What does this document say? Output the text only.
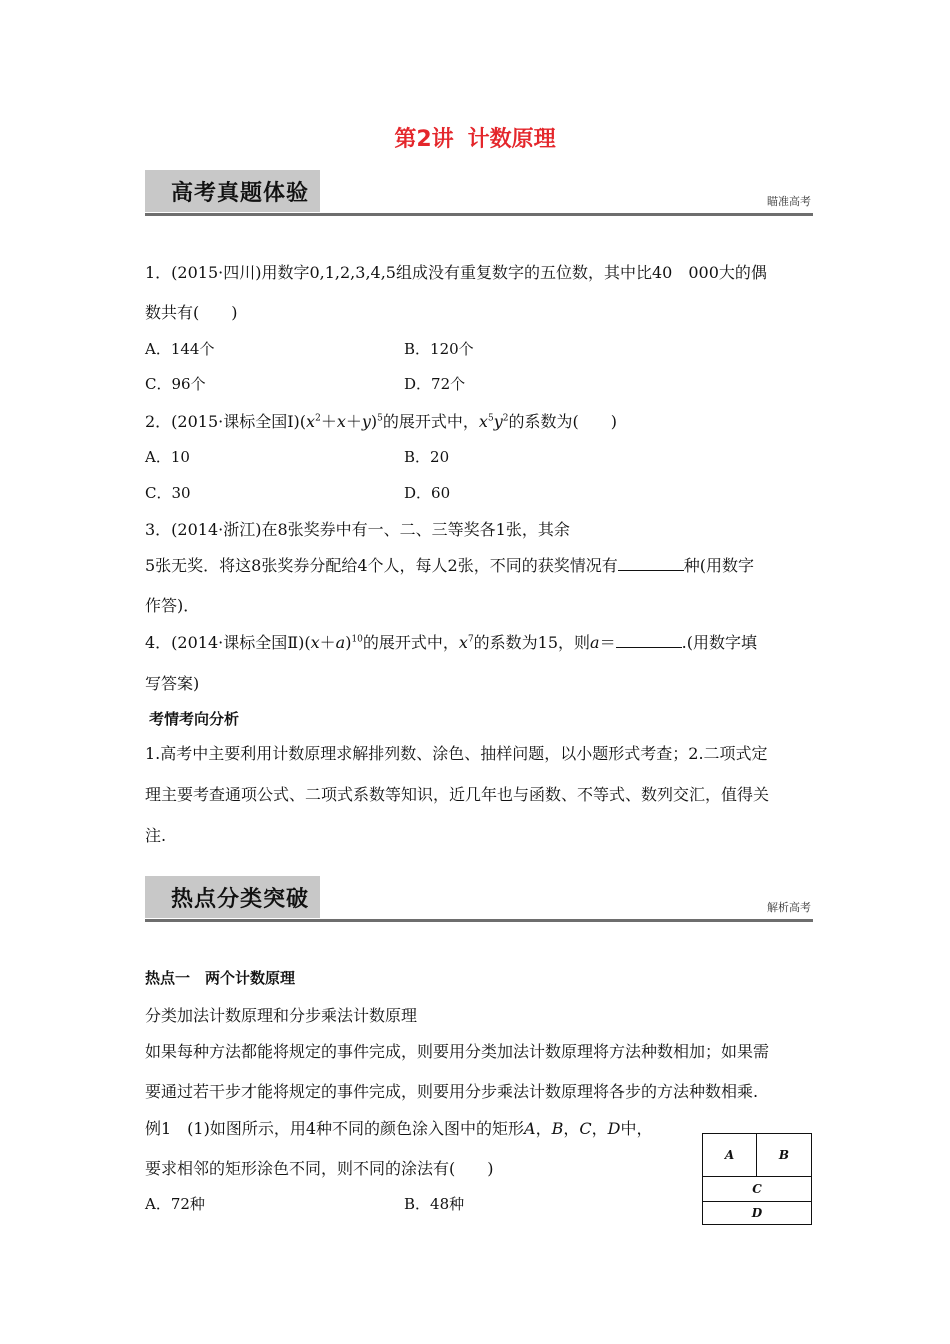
第2讲 计数原理
高考真题体验	瞄准高考
1．(2015·四川)用数字0,1,2,3,4,5组成没有重复数字的五位数，其中比40　000大的偶
数共有(　　)
A．144个	B．120个
C．96个	D．72个
2．(2015·课标全国$Ⅰ)(x^2+x+y)^5$的展开式中，$x^5y^2$的系数为(　　)
A．10	B．20
C．30	D．60
3．(2014·浙江)在8张奖券中有一、二、三等奖各1张，其余
5张无奖．将这8张奖券分配给4个人，每人2张，不同的获奖情况有	种(用数字
作答)．
4．(2014·课标全国$Ⅱ)(x+a)^{10}$的展开式中，$x^7$的系数为15，则a＝	.(用数字填
写答案)
考情考向分析
1.高考中主要利用计数原理求解排列数、涂色、抽样问题，以小题形式考查；2.二项式定
理主要考查通项公式、二项式系数等知识，近几年也与函数、不等式、数列交汇，值得关
注.
热点分类突破	解析高考
热点一　两个计数原理
分类加法计数原理和分步乘法计数原理
如果每种方法都能将规定的事件完成，则要用分类加法计数原理将方法种数相加；如果需
要通过若干步才能将规定的事件完成，则要用分步乘法计数原理将各步的方法种数相乘.
例1　(1)如图所示，用4种不同的颜色涂入图中的矩形A，B，C，D中，
要求相邻的矩形涂色不同，则不同的涂法有(　　)
A．72种	B．48种
A	B
C
D
